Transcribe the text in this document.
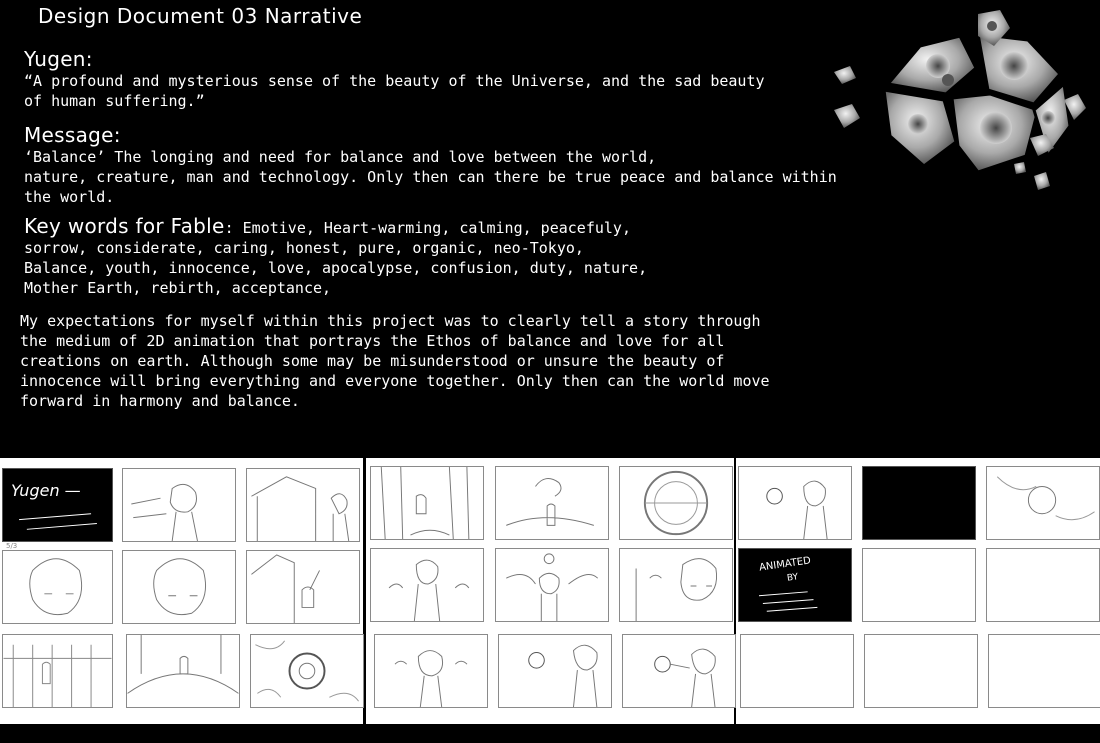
Design Document 03 Narrative
Yugen:
“A profound and mysterious sense of the beauty of the Universe, and the sad beauty
of human suffering.”
Message:
‘Balance’ The longing and need for balance and love between the world,
nature, creature, man and technology. Only then can there be true peace and balance within
the world.
Key words for Fable: Emotive, Heart-warming, calming, peacefuly,
sorrow, considerate, caring, honest, pure, organic, neo-Tokyo,
Balance, youth, innocence, love, apocalypse, confusion, duty, nature,
Mother Earth, rebirth, acceptance,
My expectations for myself within this project was to clearly tell a story through
the medium of 2D animation that portrays the Ethos of balance and love for all
creations on earth. Although some may be misunderstood or unsure the beauty of
innocence will bring everything and everyone together. Only then can the world move
forward in harmony and balance.
Yugen —
5/3
ANIMATED
BY
